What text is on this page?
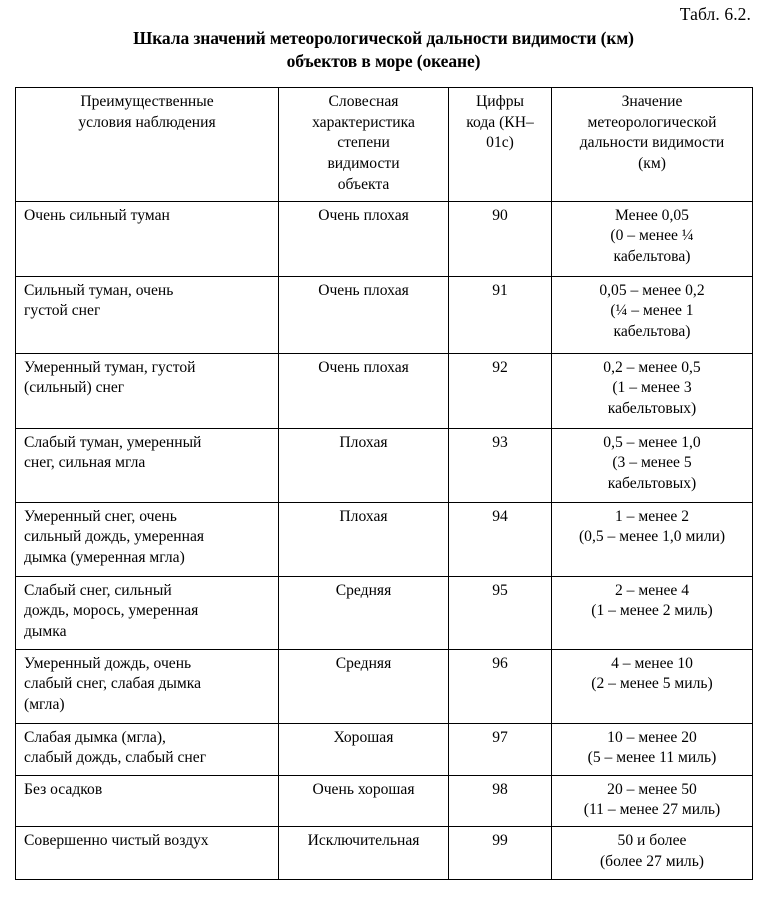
Табл. 6.2.
Шкала значений метеорологической дальности видимости (км)
объектов в море (океане)
Преимущественные
условия наблюдения	Словесная
характеристика
степени
видимости
объекта	Цифры
кода (КН–
01с)	Значение
метеорологической
дальности видимости
(км)

Очень сильный туман	Очень плохая	90	Менее 0,05
(0 – менее ¼
кабельтова)

Сильный туман, очень
густой снег	Очень плохая	91	0,05 – менее 0,2
(¼ – менее 1
кабельтова)

Умеренный туман, густой
(сильный) снег	Очень плохая	92	0,2 – менее 0,5
(1 – менее 3
кабельтовых)

Слабый туман, умеренный
снег, сильная мгла	Плохая	93	0,5 – менее 1,0
(3 – менее 5
кабельтовых)

Умеренный снег, очень
сильный дождь, умеренная
дымка (умеренная мгла)	Плохая	94	1 – менее 2
(0,5 – менее 1,0 мили)

Слабый снег, сильный
дождь, морось, умеренная
дымка	Средняя	95	2 – менее 4
(1 – менее 2 миль)

Умеренный дождь, очень
слабый снег, слабая дымка
(мгла)	Средняя	96	4 – менее 10
(2 – менее 5 миль)

Слабая дымка (мгла),
слабый дождь, слабый снег	Хорошая	97	10 – менее 20
(5 – менее 11 миль)

Без осадков	Очень хорошая	98	20 – менее 50
(11 – менее 27 миль)

Совершенно чистый воздух	Исключительная	99	50 и более
(более 27 миль)
